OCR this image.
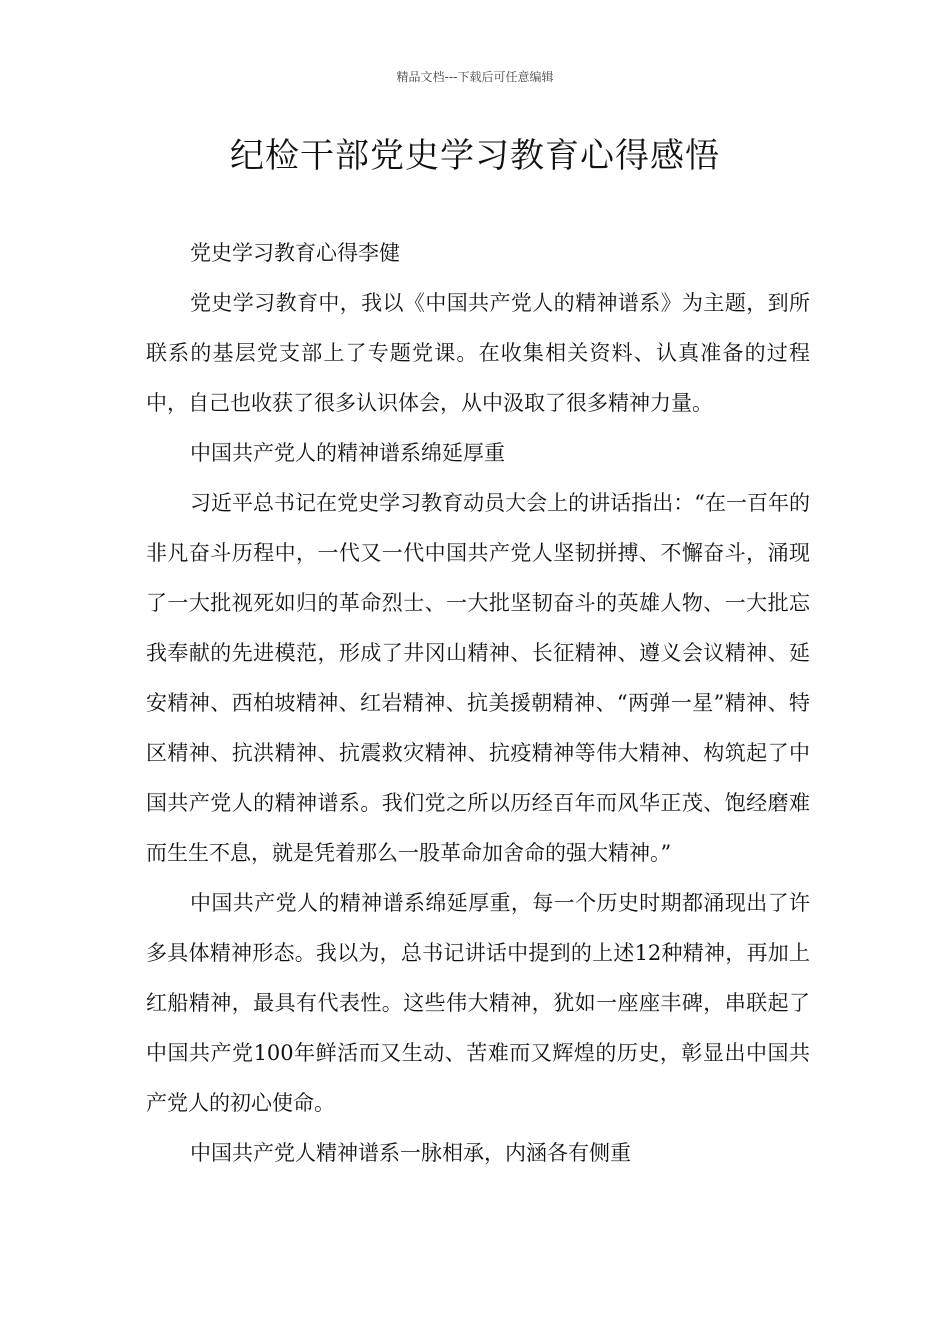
精品文档---下载后可任意编辑
纪检干部党史学习教育心得感悟

党史学习教育心得李健

党史学习教育中，我以《中国共产党人的精神谱系》为主题，到所联系的基层党支部上了专题党课。在收集相关资料、认真准备的过程中，自己也收获了很多认识体会，从中汲取了很多精神力量。

中国共产党人的精神谱系绵延厚重

习近平总书记在党史学习教育动员大会上的讲话指出：“在一百年的非凡奋斗历程中，一代又一代中国共产党人坚韧拼搏、不懈奋斗，涌现了一大批视死如归的革命烈士、一大批坚韧奋斗的英雄人物、一大批忘我奉献的先进模范，形成了井冈山精神、长征精神、遵义会议精神、延安精神、西柏坡精神、红岩精神、抗美援朝精神、“两弹一星”精神、特区精神、抗洪精神、抗震救灾精神、抗疫精神等伟大精神、构筑起了中国共产党人的精神谱系。我们党之所以历经百年而风华正茂、饱经磨难而生生不息，就是凭着那么一股革命加舍命的强大精神。”

中国共产党人的精神谱系绵延厚重，每一个历史时期都涌现出了许多具体精神形态。我以为，总书记讲话中提到的上述12种精神，再加上红船精神，最具有代表性。这些伟大精神，犹如一座座丰碑，串联起了中国共产党100年鲜活而又生动、苦难而又辉煌的历史，彰显出中国共产党人的初心使命。

中国共产党人精神谱系一脉相承，内涵各有侧重
